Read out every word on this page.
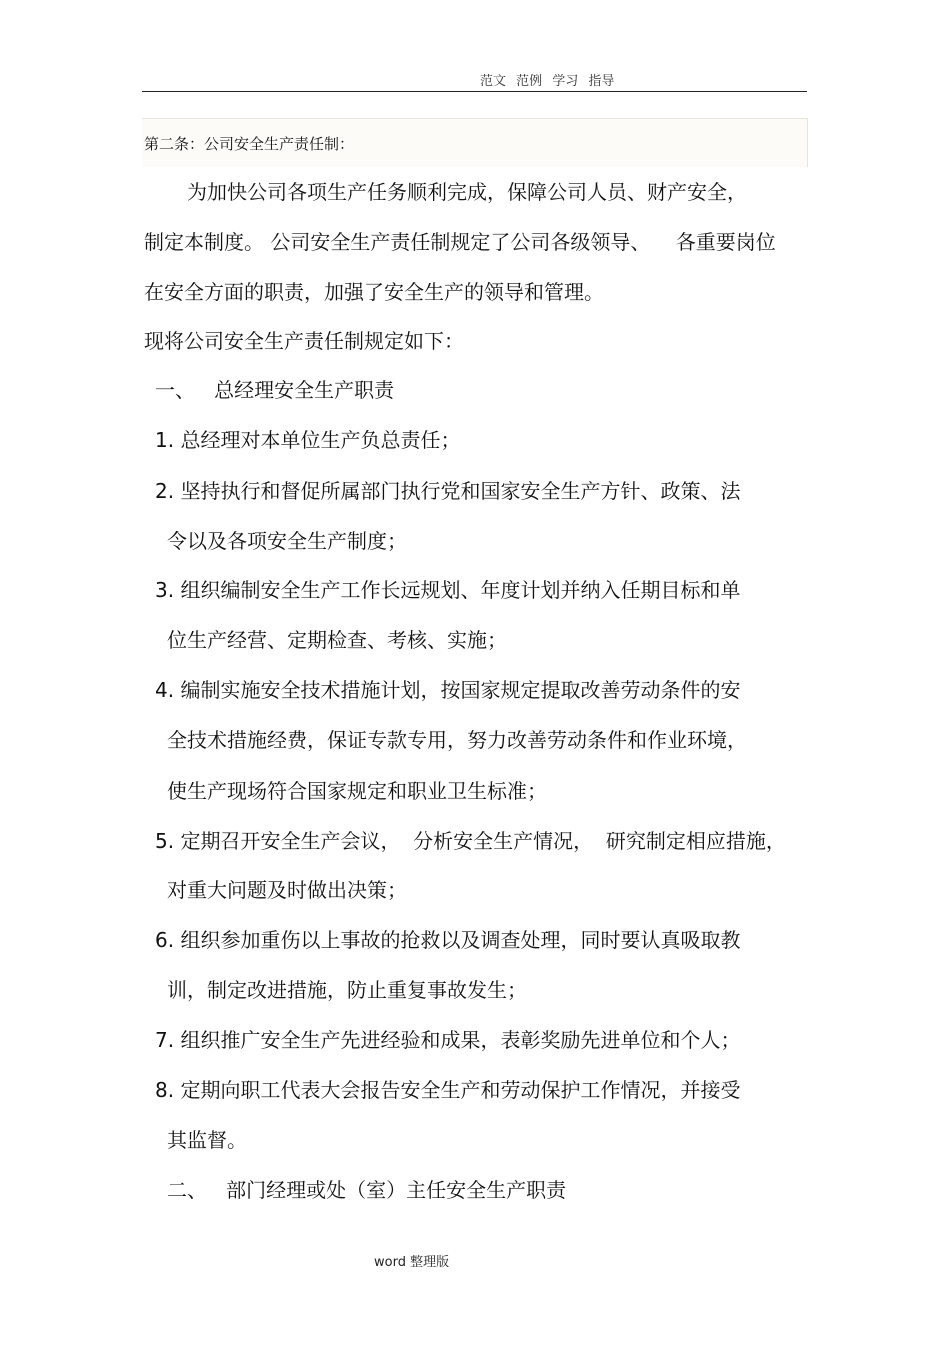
范文 范例 学习 指导
第二条：公司安全生产责任制：
为加快公司各项生产任务顺利完成，保障公司人员、财产安全，
制定本制度。 公司安全生产责任制规定了公司各级领导、    各重要岗位
在安全方面的职责，加强了安全生产的领导和管理。
现将公司安全生产责任制规定如下：
一、   总经理安全生产职责
1. 总经理对本单位生产负总责任；
2. 坚持执行和督促所属部门执行党和国家安全生产方针、政策、法
令以及各项安全生产制度；
3. 组织编制安全生产工作长远规划、年度计划并纳入任期目标和单
位生产经营、定期检查、考核、实施；
4. 编制实施安全技术措施计划，按国家规定提取改善劳动条件的安
全技术措施经费，保证专款专用，努力改善劳动条件和作业环境，
使生产现场符合国家规定和职业卫生标准；
5. 定期召开安全生产会议，  分析安全生产情况，  研究制定相应措施，
对重大问题及时做出决策；
6. 组织参加重伤以上事故的抢救以及调查处理，同时要认真吸取教
训，制定改进措施，防止重复事故发生；
7. 组织推广安全生产先进经验和成果，表彰奖励先进单位和个人；
8. 定期向职工代表大会报告安全生产和劳动保护工作情况，并接受
其监督。
二、   部门经理或处（室）主任安全生产职责
word 整理版
